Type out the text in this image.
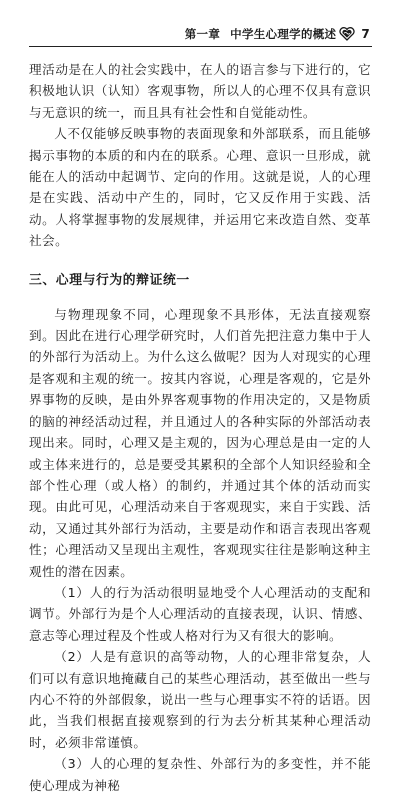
第一章 中学生心理学的概述 7

理活动是在人的社会实践中，在人的语言参与下进行的，它积极地认识（认知）客观事物，所以人的心理不仅具有意识与无意识的统一，而且具有社会性和自觉能动性。

人不仅能够反映事物的表面现象和外部联系，而且能够揭示事物的本质的和内在的联系。心理、意识一旦形成，就能在人的活动中起调节、定向的作用。这就是说，人的心理是在实践、活动中产生的，同时，它又反作用于实践、活动。人将掌握事物的发展规律，并运用它来改造自然、变革社会。

三、心理与行为的辩证统一

与物理现象不同，心理现象不具形体，无法直接观察到。因此在进行心理学研究时，人们首先把注意力集中于人的外部行为活动上。为什么这么做呢？因为人对现实的心理是客观和主观的统一。按其内容说，心理是客观的，它是外界事物的反映，是由外界客观事物的作用决定的，又是物质的脑的神经活动过程，并且通过人的各种实际的外部活动表现出来。同时，心理又是主观的，因为心理总是由一定的人或主体来进行的，总是要受其累积的全部个人知识经验和全部个性心理（或人格）的制约，并通过其个体的活动而实现。由此可见，心理活动来自于客观现实，来自于实践、活动，又通过其外部行为活动，主要是动作和语言表现出客观性；心理活动又呈现出主观性，客观现实往往是影响这种主观性的潜在因素。

（1）人的行为活动很明显地受个人心理活动的支配和调节。外部行为是个人心理活动的直接表现，认识、情感、意志等心理过程及个性或人格对行为又有很大的影响。

（2）人是有意识的高等动物，人的心理非常复杂，人们可以有意识地掩藏自己的某些心理活动，甚至做出一些与内心不符的外部假象，说出一些与心理事实不符的话语。因此，当我们根据直接观察到的行为去分析其某种心理活动时，必须非常谨慎。

（3）人的心理的复杂性、外部行为的多变性，并不能使心理成为神秘
